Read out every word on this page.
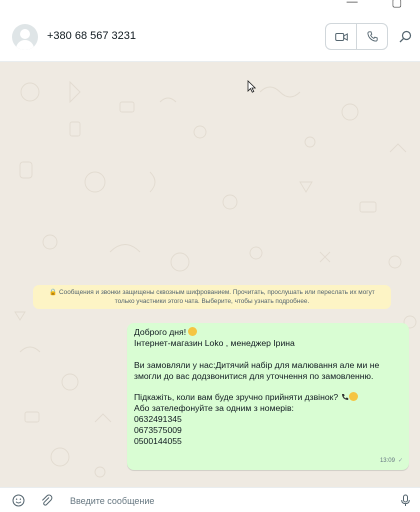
—	▢
+380 68 567 3231
🔒 Сообщения и звонки защищены сквозным шифрованием. Прочитать, прослушать или переслать их могут только участники этого чата. Выберите, чтобы узнать подробнее.

Доброго дня!

Інтернет-магазин Loko , менеджер Ірина

Ви замовляли у нас:Дитячий набір для малювання але ми не

змогли до вас додзвонитися для уточнення по замовленню.

Підкажіть, коли вам буде зручно прийняти дзвінок?

Або зателефонуйте за одним з номерів:

0632491345

0673575009

0500144055

13:09 ✓
Введите сообщение
